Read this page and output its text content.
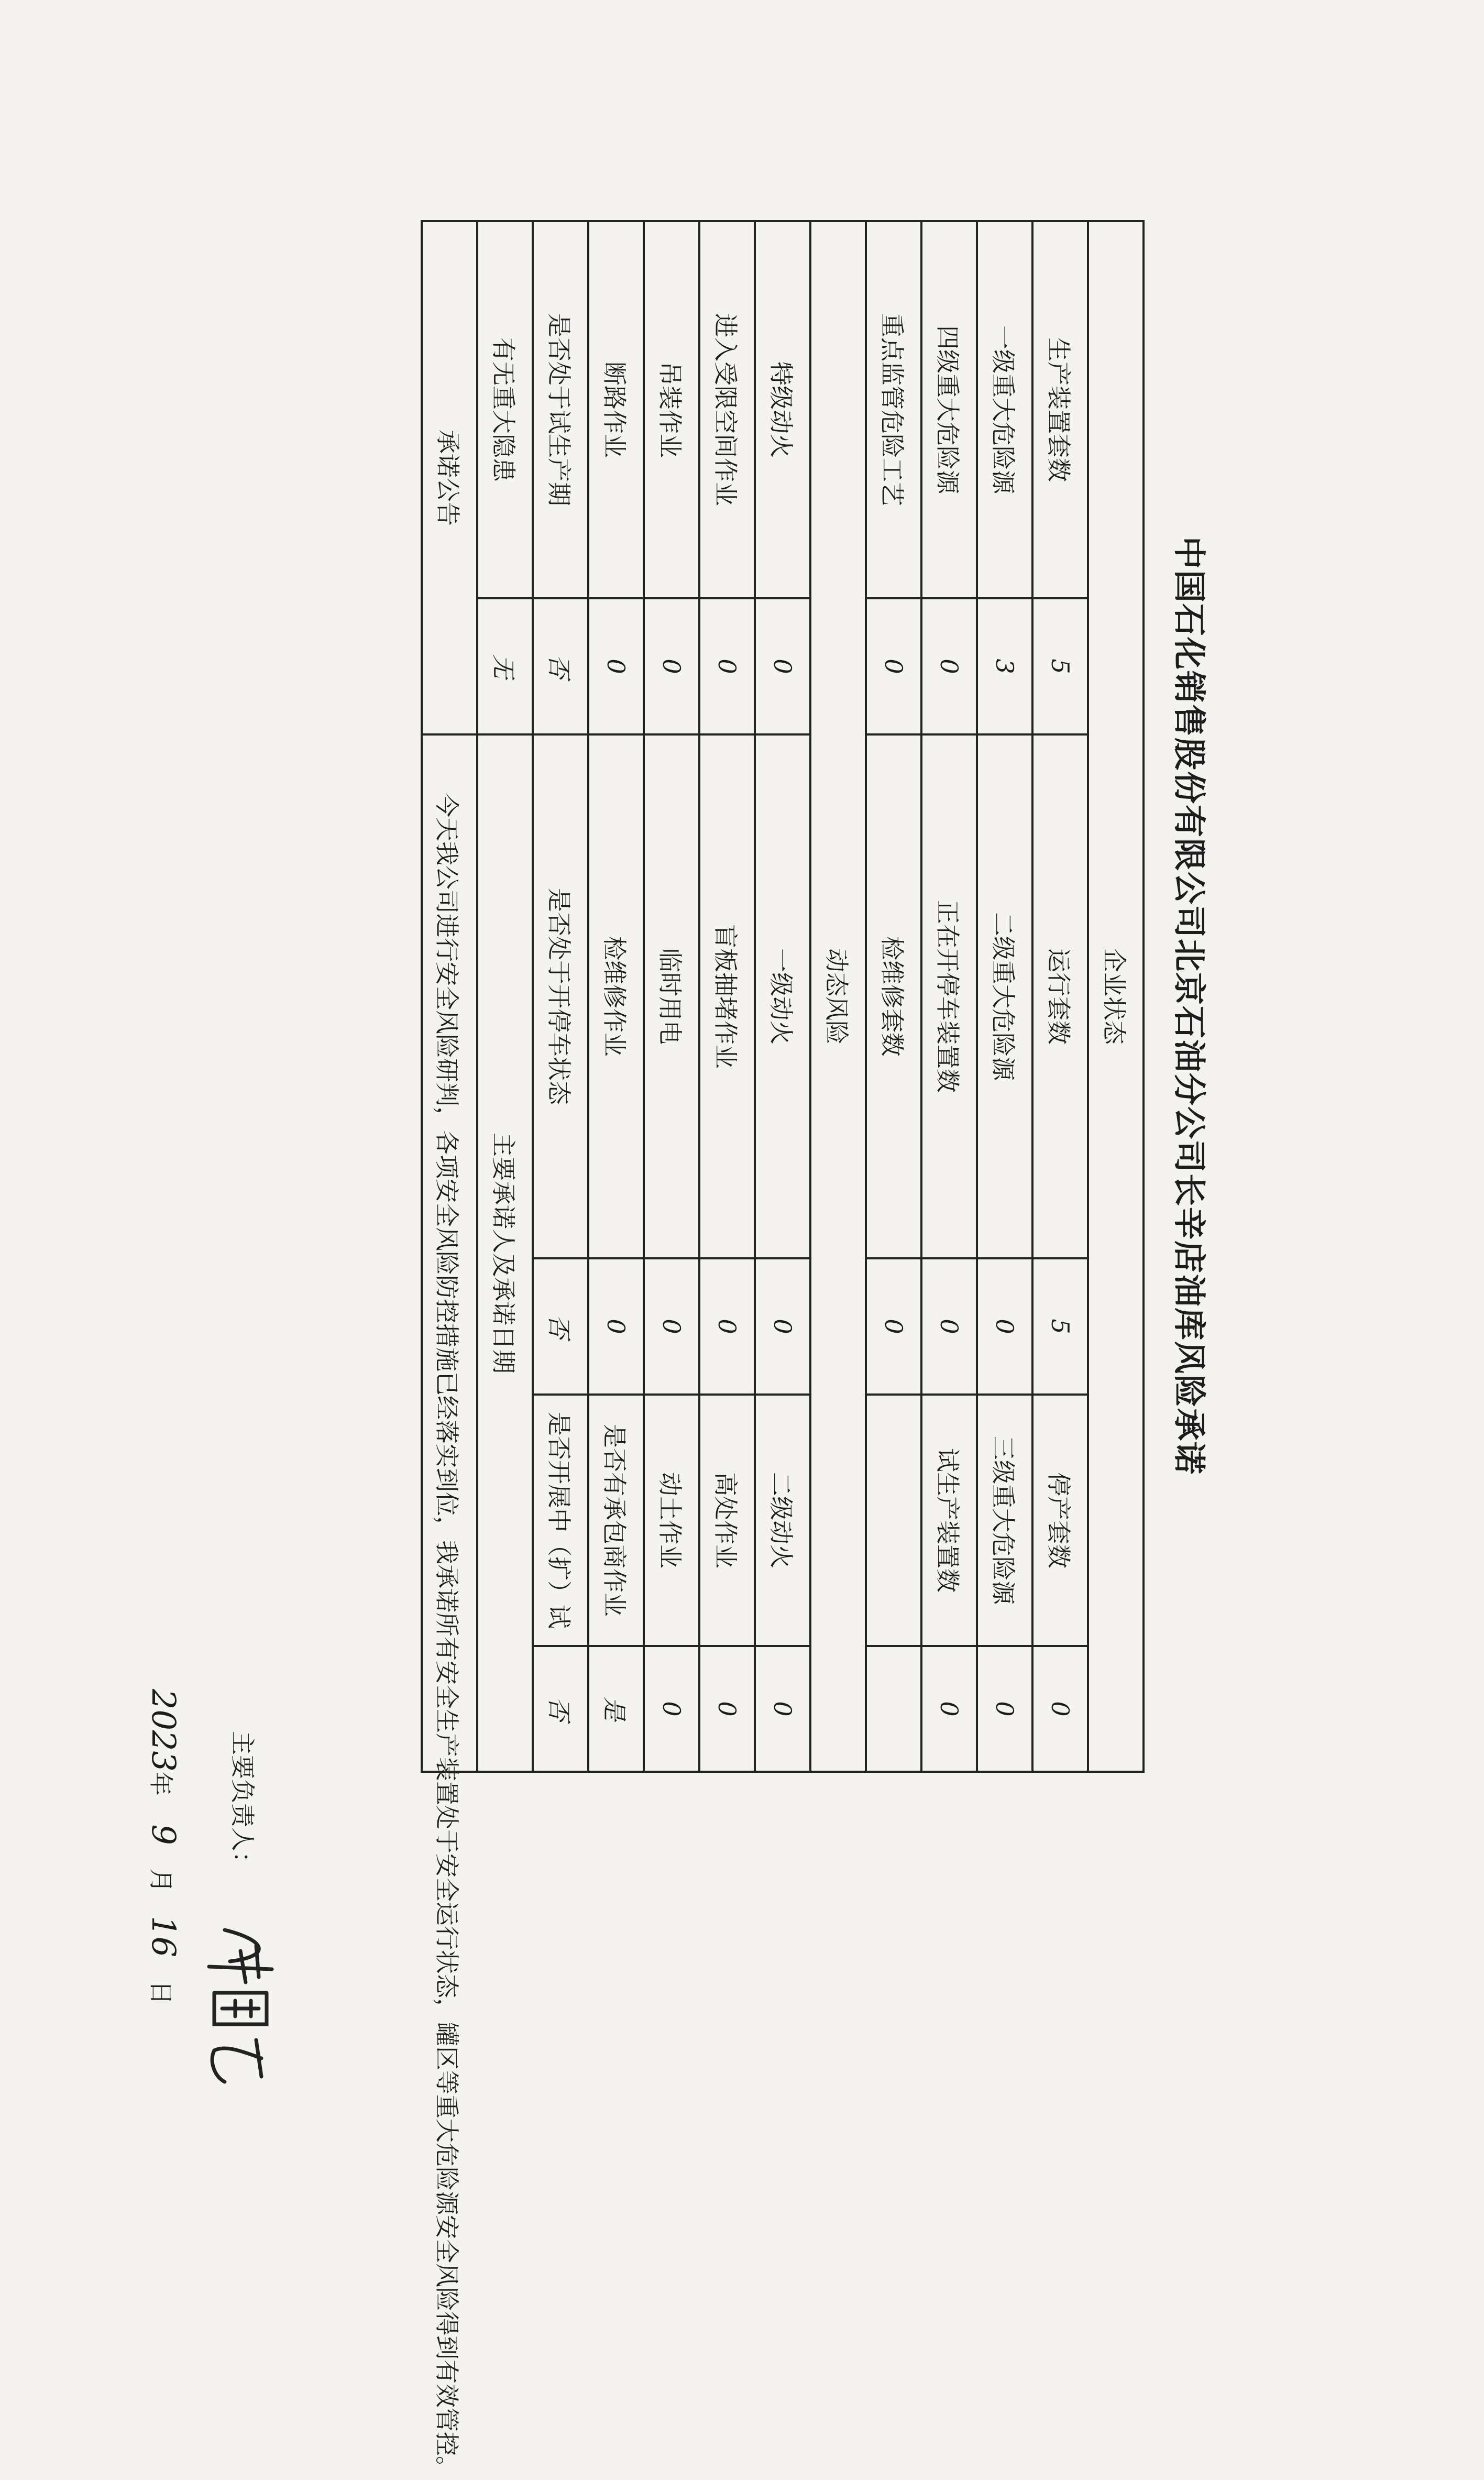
中国石化销售股份有限公司北京石油分公司长辛店油库风险承诺
企业状态					
生产装置套数	5	运行套数	5	停产套数	0
一级重大危险源	3	二级重大危险源	0	三级重大危险源	0
四级重大危险源	0	正在开停车装置数	0	试生产装置数	0
重点监管危险工艺	0	检维修套数	0		
动态风险					
特级动火	0	一级动火	0	二级动火	0
进入受限空间作业	0	盲板抽堵作业	0	高处作业	0
吊装作业	0	临时用电	0	动土作业	0
断路作业	0	检维修作业	0	是否有承包商作业	是
是否处于试生产期	否	是否处于开停车状态	否	是否开展中（扩）试	否
有无重大隐患	无	主要承诺人及承诺日期			
承诺公告		今天我公司进行安全风险研判，各项安全风险防控措施已经落实到位，我承诺所有安全生产装置处于安全运行状态，罐区等重大危险源安全风险得到有效管控。
主要负责人：
2023年 9 月 16 日			
